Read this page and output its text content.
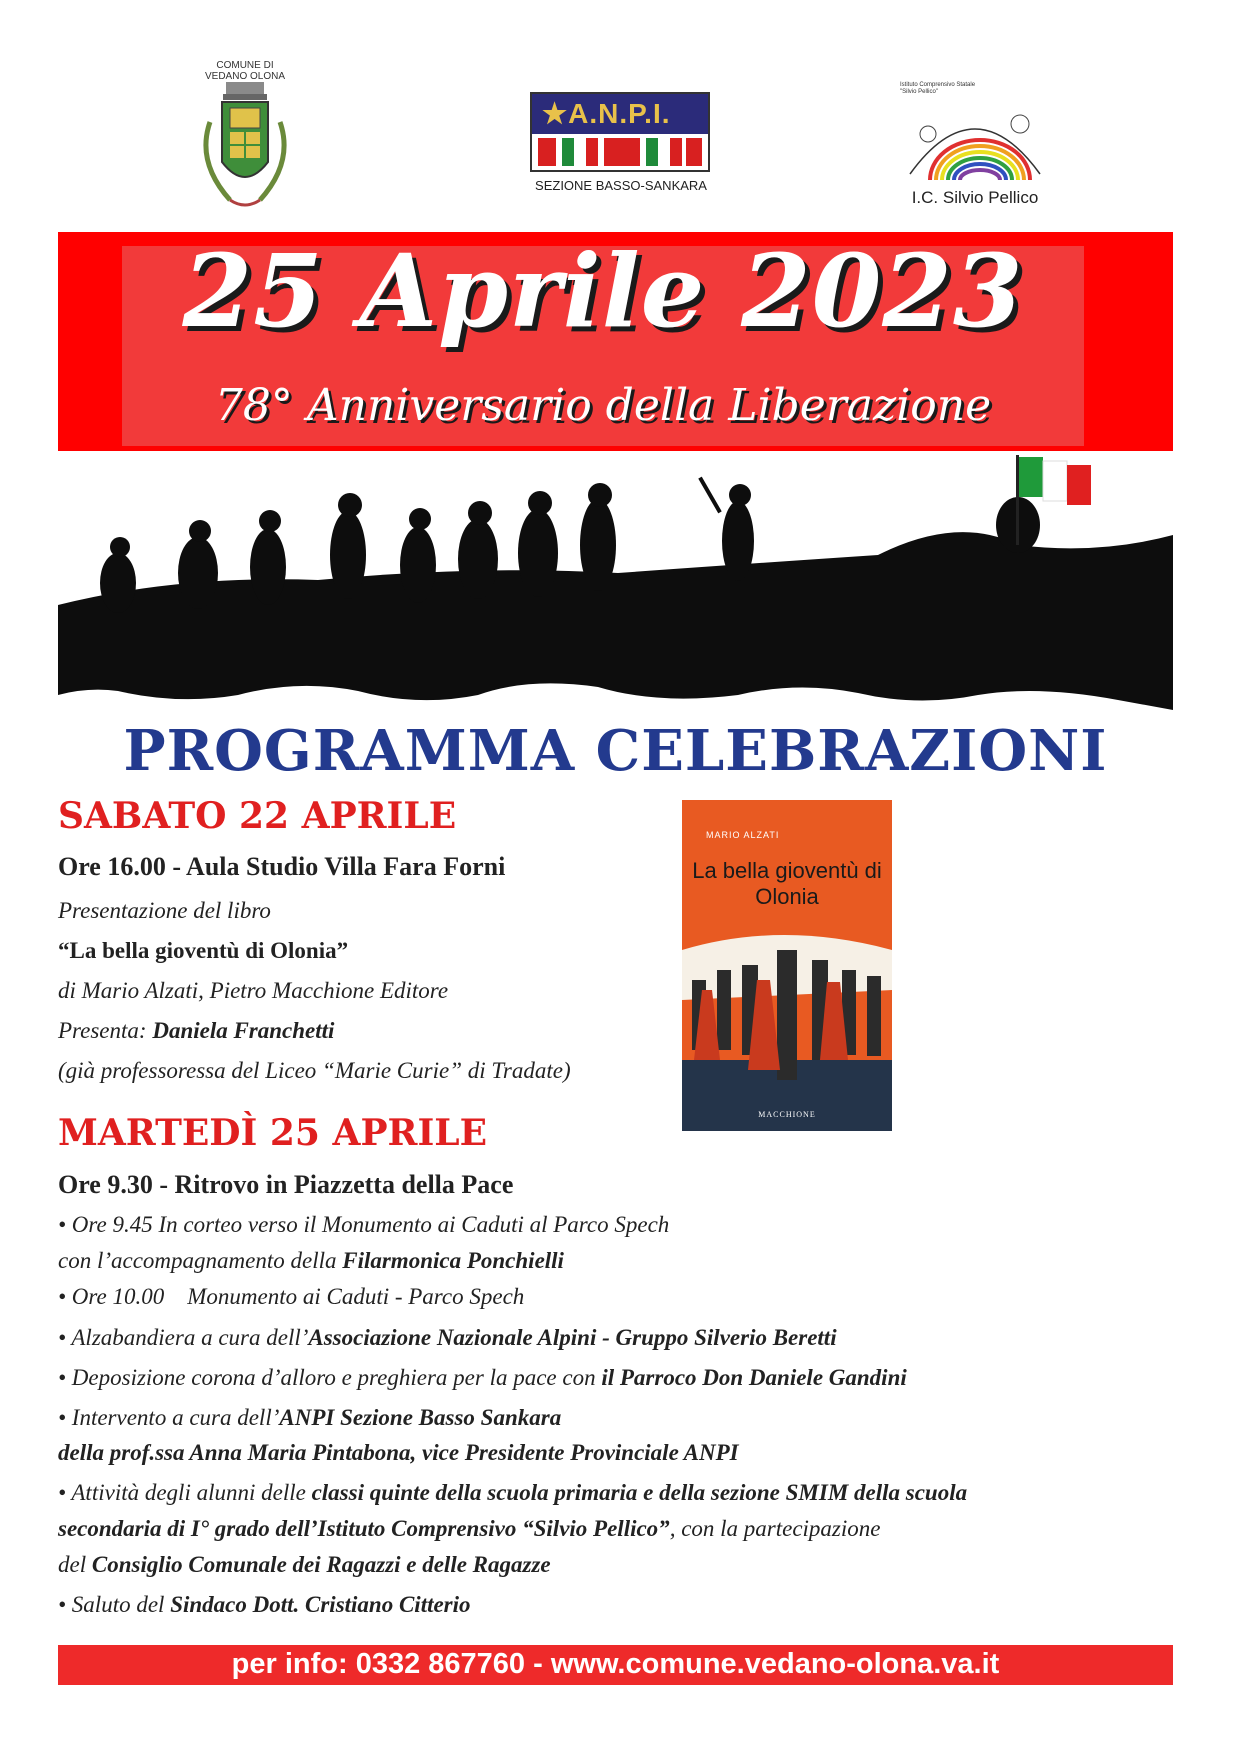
COMUNE DI
VEDANO OLONA
★A.N.P.I.
SEZIONE BASSO-SANKARA
Istituto Comprensivo Statale "Silvio Pellico"
I.C. Silvio Pellico
25 Aprile 2023
78° Anniversario della Liberazione
PROGRAMMA CELEBRAZIONI
SABATO 22 APRILE
Ore 16.00 - Aula Studio Villa Fara Forni
Presentazione del libro
“La bella gioventù di Olonia”
di Mario Alzati, Pietro Macchione Editore
Presenta: Daniela Franchetti
(già professoressa del Liceo “Marie Curie” di Tradate)
MARIO ALZATI
La bella gioventù di Olonia
MACCHIONE
MARTEDÌ 25 APRILE
Ore 9.30 - Ritrovo in Piazzetta della Pace
• Ore 9.45 In corteo verso il Monumento ai Caduti al Parco Spech
con l’accompagnamento della Filarmonica Ponchielli
• Ore 10.00    Monumento ai Caduti - Parco Spech
• Alzabandiera a cura dell’Associazione Nazionale Alpini - Gruppo Silverio Beretti
• Deposizione corona d’alloro e preghiera per la pace con il Parroco Don Daniele Gandini
• Intervento a cura dell’ANPI Sezione Basso Sankara
della prof.ssa Anna Maria Pintabona, vice Presidente Provinciale ANPI
• Attività degli alunni delle classi quinte della scuola primaria e della sezione SMIM della scuola
secondaria di I° grado dell’Istituto Comprensivo “Silvio Pellico”, con la partecipazione
del Consiglio Comunale dei Ragazzi e delle Ragazze
• Saluto del Sindaco Dott. Cristiano Citterio
per info: 0332 867760 - www.comune.vedano-olona.va.it
